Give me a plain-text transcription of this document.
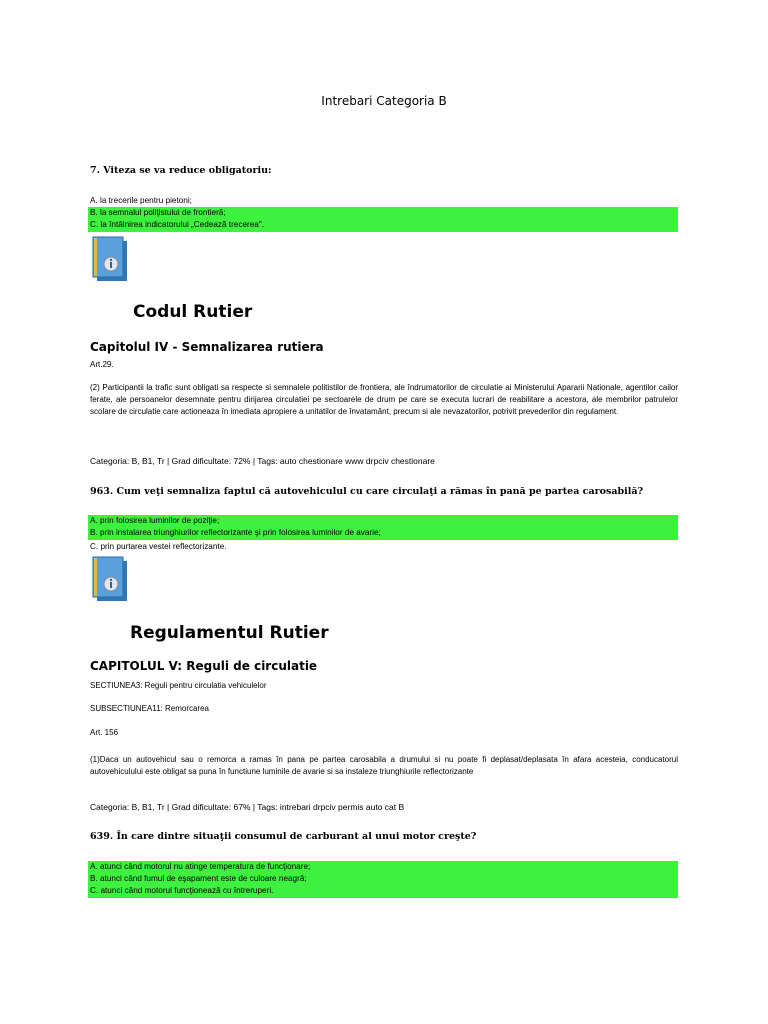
Intrebari Categoria B
7. Viteza se va reduce obligatoriu:
A. la trecerile pentru pietoni;
B. la semnalul poliţistului de frontieră;
C. la întâlnirea indicatorului „Cedează trecerea".
Codul Rutier
Capitolul IV - Semnalizarea rutiera
Art.29.
(2) Participantii la trafic sunt obligati sa respecte si semnalele politistilor de frontiera, ale îndrumatorilor de circulatie ai Ministerului Apararii Nationale, agentilor cailor ferate, ale persoanelor desemnate pentru dirijarea circulatiei pe sectoarele de drum pe care se executa lucrari de reabilitare a acestora, ale membrilor patrulelor scolare de circulatie care actioneaza în imediata apropiere a unitatilor de învatamânt, precum si ale nevazatorilor, potrivit prevederilor din regulament.
Categoria: B, B1, Tr | Grad dificultate: 72% | Tags: auto chestionare www drpciv chestionare
963. Cum veţi semnaliza faptul că autovehiculul cu care circulaţi a rămas în pană pe partea carosabilă?
A. prin folosirea luminilor de poziţie;
B. prin instalarea triunghiurilor reflectorizante şi prin folosirea luminilor de avarie;
C. prin purtarea vestei reflectorizante.
Regulamentul Rutier
CAPITOLUL V: Reguli de circulatie
SECTIUNEA3: Reguli pentru circulatia vehiculelor
SUBSECTIUNEA11: Remorcarea
Art. 156
(1)Daca un autovehicul sau o remorca a ramas în pana pe partea carosabila a drumului si nu poate fi deplasat/deplasata în afara acesteia, conducatorul autovehiculului este obligat sa puna în functiune luminile de avarie si sa instaleze triunghiurile reflectorizante
Categoria: B, B1, Tr | Grad dificultate: 67% | Tags: intrebari drpciv permis auto cat B
639. În care dintre situaţii consumul de carburant al unui motor creşte?
A. atunci când motorul nu atinge temperatura de funcţionare;
B. atunci când fumul de eşapament este de culoare neagră;
C. atunci când motorul funcţionează cu întreruperi.
